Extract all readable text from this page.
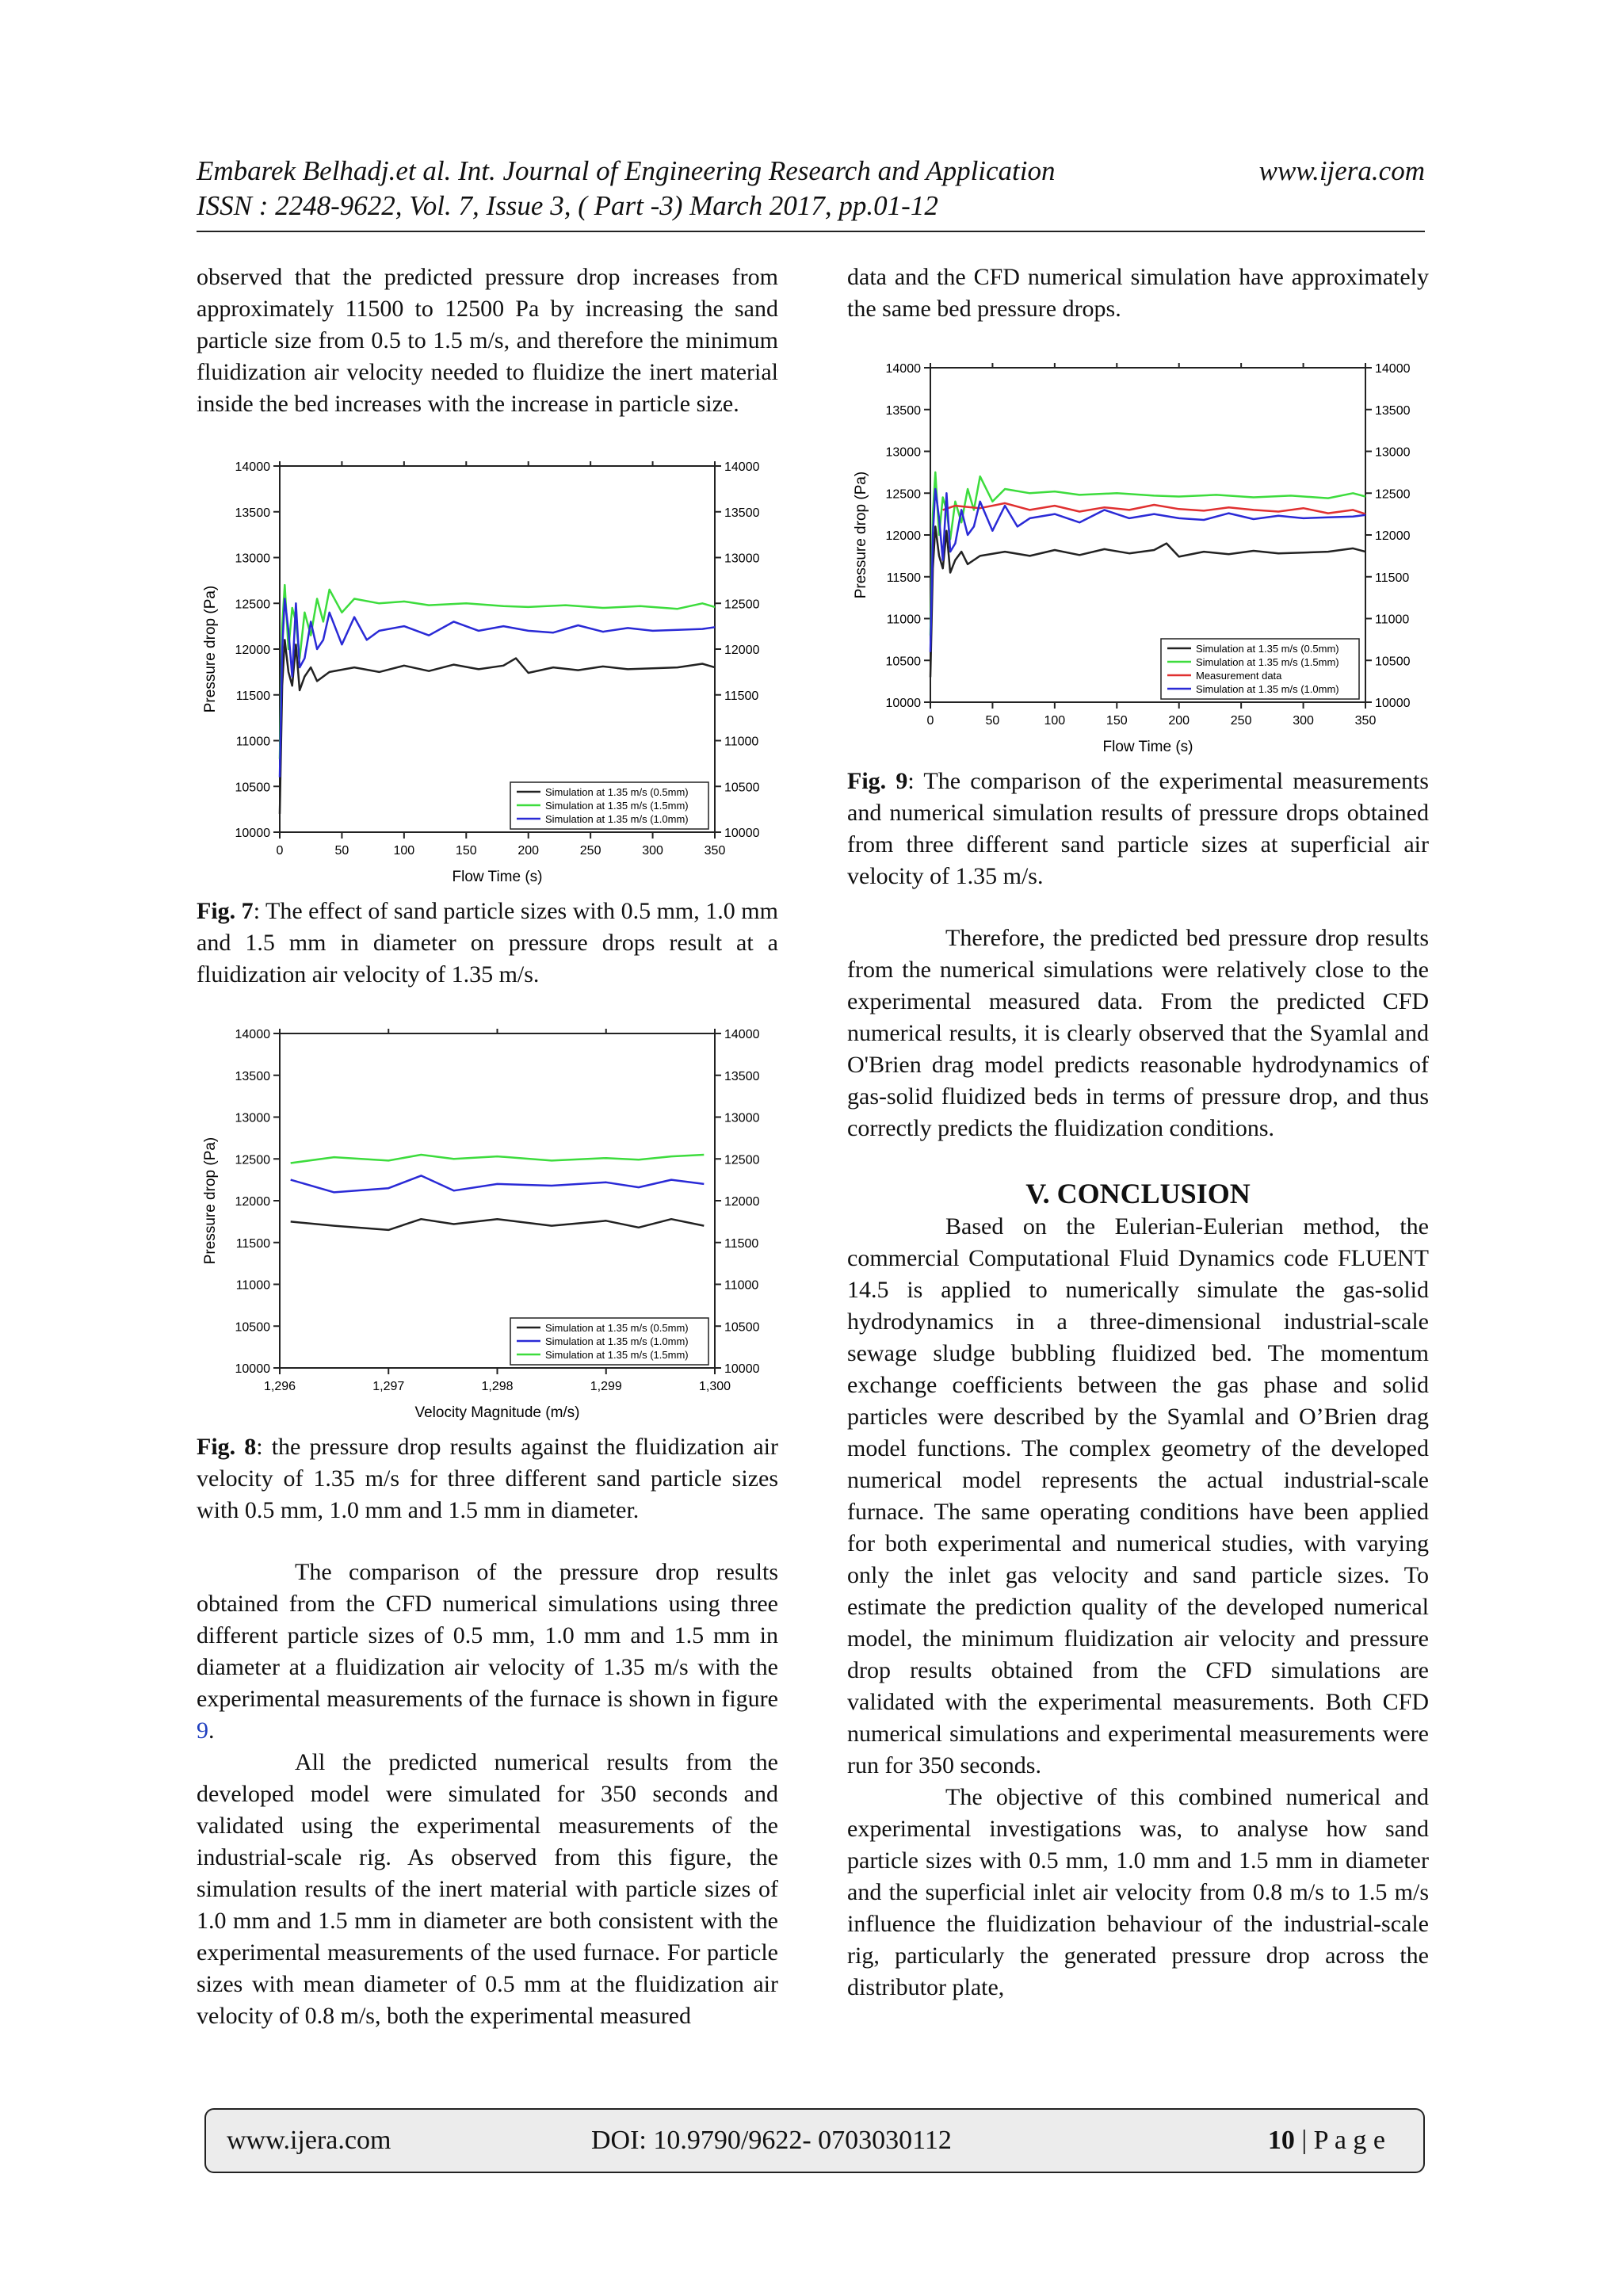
Embarek Belhadj.et al. Int. Journal of Engineering Research and Application	www.ijera.com
ISSN : 2248-9622, Vol. 7, Issue 3, ( Part -3) March 2017, pp.01-12

observed that the predicted pressure drop increases from approximately 11500 to 12500 Pa by increasing the sand particle size from 0.5 to 1.5 m/s, and therefore the minimum fluidization air velocity needed to fluidize the inert material inside the bed increases with the increase in particle size.

10000	10000
10500	10500
11000	11000
11500	11500
12000	12000
12500	12500
13000	13000
13500	13500
14000	14000
0	50	100	150	200	250	300	350
Flow Time (s)
Pressure drop (Pa)
Simulation at 1.35 m/s (0.5mm)
Simulation at 1.35 m/s (1.5mm)
Simulation at 1.35 m/s (1.0mm)

Fig. 7: The effect of sand particle sizes with 0.5 mm, 1.0 mm and 1.5 mm in diameter on pressure drops result at a fluidization air velocity of 1.35 m/s.

10000	10000
10500	10500
11000	11000
11500	11500
12000	12000
12500	12500
13000	13000
13500	13500
14000	14000
1,296	1,297	1,298	1,299	1,300
Velocity Magnitude (m/s)
Pressure drop (Pa)
Simulation at 1.35 m/s (0.5mm)
Simulation at 1.35 m/s (1.0mm)
Simulation at 1.35 m/s (1.5mm)

Fig. 8: the pressure drop results against the fluidization air velocity of 1.35 m/s for three different sand particle sizes with 0.5 mm, 1.0 mm and 1.5 mm in diameter.

The comparison of the pressure drop results obtained from the CFD numerical simulations using three different particle sizes of 0.5 mm, 1.0 mm and 1.5 mm in diameter at a fluidization air velocity of 1.35 m/s with the experimental measurements of the furnace is shown in figure 9.

All the predicted numerical results from the developed model were simulated for 350 seconds and validated using the experimental measurements of the industrial-scale rig. As observed from this figure, the simulation results of the inert material with particle sizes of 1.0 mm and 1.5 mm in diameter are both consistent with the experimental measurements of the used furnace. For particle sizes with mean diameter of 0.5 mm at the fluidization air velocity of 0.8 m/s, both the experimental measured

data and the CFD numerical simulation have approximately the same bed pressure drops.

10000	10000
10500	10500
11000	11000
11500	11500
12000	12000
12500	12500
13000	13000
13500	13500
14000	14000
0	50	100	150	200	250	300	350
Flow Time (s)
Pressure drop (Pa)
Simulation at 1.35 m/s (0.5mm)
Simulation at 1.35 m/s (1.5mm)
Measurement data
Simulation at 1.35 m/s (1.0mm)

Fig. 9: The comparison of the experimental measurements and numerical simulation results of pressure drops obtained from three different sand particle sizes at superficial air velocity of 1.35 m/s.

Therefore, the predicted bed pressure drop results from the numerical simulations were relatively close to the experimental measured data. From the predicted CFD numerical results, it is clearly observed that the Syamlal and O'Brien drag model predicts reasonable hydrodynamics of gas-solid fluidized beds in terms of pressure drop, and thus correctly predicts the fluidization conditions.

V. CONCLUSION

Based on the Eulerian-Eulerian method, the commercial Computational Fluid Dynamics code FLUENT 14.5 is applied to numerically simulate the gas-solid hydrodynamics in a three-dimensional industrial-scale sewage sludge bubbling fluidized bed. The momentum exchange coefficients between the gas phase and solid particles were described by the Syamlal and O’Brien drag model functions. The complex geometry of the developed numerical model represents the actual industrial-scale furnace. The same operating conditions have been applied for both experimental and numerical studies, with varying only the inlet gas velocity and sand particle sizes. To estimate the prediction quality of the developed numerical model, the minimum fluidization air velocity and pressure drop results obtained from the CFD simulations are validated with the experimental measurements. Both CFD numerical simulations and experimental measurements were run for 350 seconds.

The objective of this combined numerical and experimental investigations was, to analyse how sand particle sizes with 0.5 mm, 1.0 mm and 1.5 mm in diameter and the superficial inlet air velocity from 0.8 m/s to 1.5 m/s influence the fluidization behaviour of the industrial-scale rig, particularly the generated pressure drop across the distributor plate,

www.ijera.com	DOI: 10.9790/9622- 0703030112	10 | P a g e
